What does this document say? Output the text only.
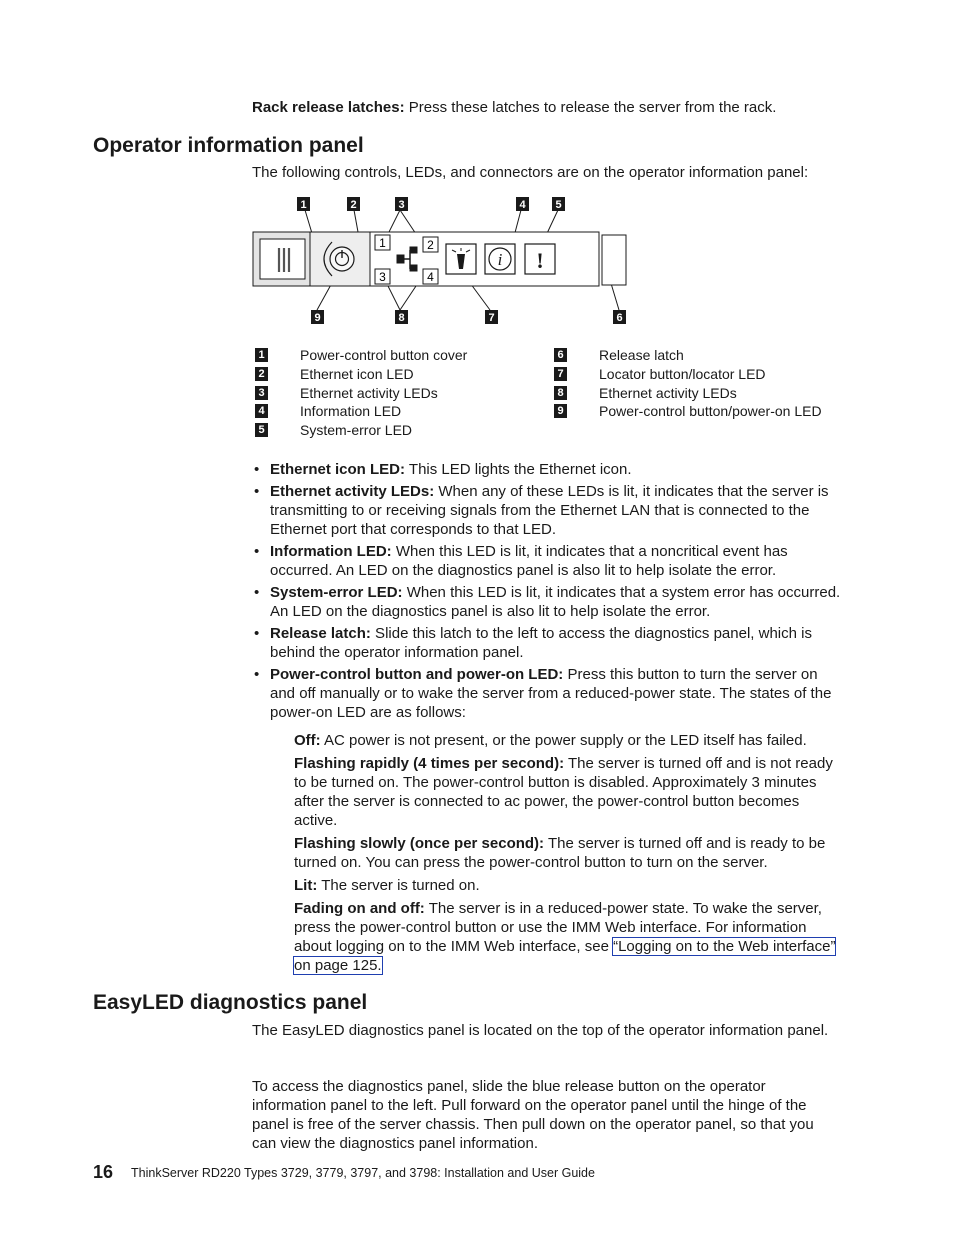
Rack release latches: Press these latches to release the server from the rack.
Operator information panel
The following controls, LEDs, and connectors are on the operator information panel:
1	2
3	4
i !
1	2	3	4	5
6
7
8
9
1	Power-control button cover
2	Ethernet icon LED
3	Ethernet activity LEDs
4	Information LED
5	System-error LED
6	Release latch
7	Locator button/locator LED
8	Ethernet activity LEDs
9	Power-control button/power-on LED
• Ethernet icon LED: This LED lights the Ethernet icon.
• Ethernet activity LEDs: When any of these LEDs is lit, it indicates that the server is transmitting to or receiving signals from the Ethernet LAN that is connected to the Ethernet port that corresponds to that LED.
• Information LED: When this LED is lit, it indicates that a noncritical event has occurred. An LED on the diagnostics panel is also lit to help isolate the error.
• System-error LED: When this LED is lit, it indicates that a system error has occurred. An LED on the diagnostics panel is also lit to help isolate the error.
• Release latch: Slide this latch to the left to access the diagnostics panel, which is behind the operator information panel.
• Power-control button and power-on LED: Press this button to turn the server on and off manually or to wake the server from a reduced-power state. The states of the power-on LED are as follows:

Off: AC power is not present, or the power supply or the LED itself has failed.

Flashing rapidly (4 times per second): The server is turned off and is not ready to be turned on. The power-control button is disabled. Approximately 3 minutes after the server is connected to ac power, the power-control button becomes active.

Flashing slowly (once per second): The server is turned off and is ready to be turned on. You can press the power-control button to turn on the server.

Lit: The server is turned on.

Fading on and off: The server is in a reduced-power state. To wake the server, press the power-control button or use the IMM Web interface. For information about logging on to the IMM Web interface, see “Logging on to the Web interface” on page 125.

EasyLED diagnostics panel
The EasyLED diagnostics panel is located on the top of the operator information panel.
To access the diagnostics panel, slide the blue release button on the operator information panel to the left. Pull forward on the operator panel until the hinge of the panel is free of the server chassis. Then pull down on the operator panel, so that you can view the diagnostics panel information.
16 ThinkServer RD220 Types 3729, 3779, 3797, and 3798: Installation and User Guide
